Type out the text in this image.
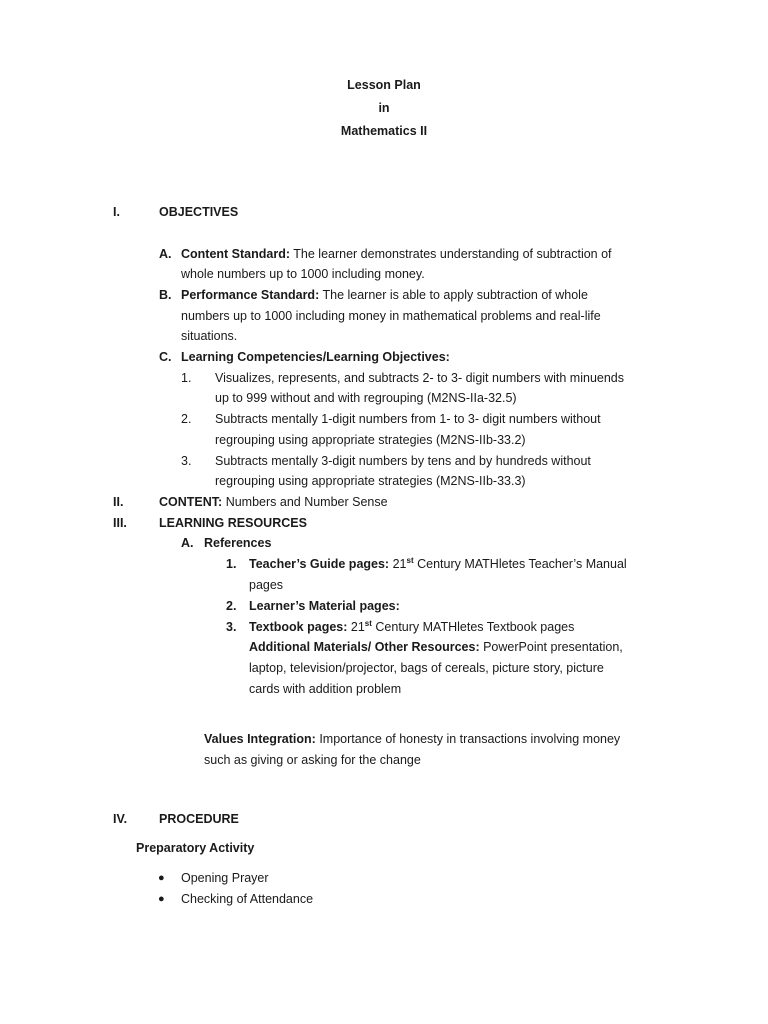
Lesson Plan
in
Mathematics II
I.	OBJECTIVES
A. Content Standard: The learner demonstrates understanding of subtraction of
whole numbers up to 1000 including money.
B. Performance Standard: The learner is able to apply subtraction of whole
numbers up to 1000 including money in mathematical problems and real-life
situations.
C. Learning Competencies/Learning Objectives:
1. Visualizes, represents, and subtracts 2- to 3- digit numbers with minuends
up to 999 without and with regrouping (M2NS-IIa-32.5)
2. Subtracts mentally 1-digit numbers from 1- to 3- digit numbers without
regrouping using appropriate strategies (M2NS-IIb-33.2)
3. Subtracts mentally 3-digit numbers by tens and by hundreds without
regrouping using appropriate strategies (M2NS-IIb-33.3)
II.	CONTENT: Numbers and Number Sense
III.	LEARNING RESOURCES
A. References
1. Teacher’s Guide pages: 21st Century MATHletes Teacher’s Manual
pages
2. Learner’s Material pages:
3. Textbook pages: 21st Century MATHletes Textbook pages
Additional Materials/ Other Resources: PowerPoint presentation,
laptop, television/projector, bags of cereals, picture story, picture
cards with addition problem
Values Integration: Importance of honesty in transactions involving money
such as giving or asking for the change
IV.	PROCEDURE
Preparatory Activity
● Opening Prayer
● Checking of Attendance
